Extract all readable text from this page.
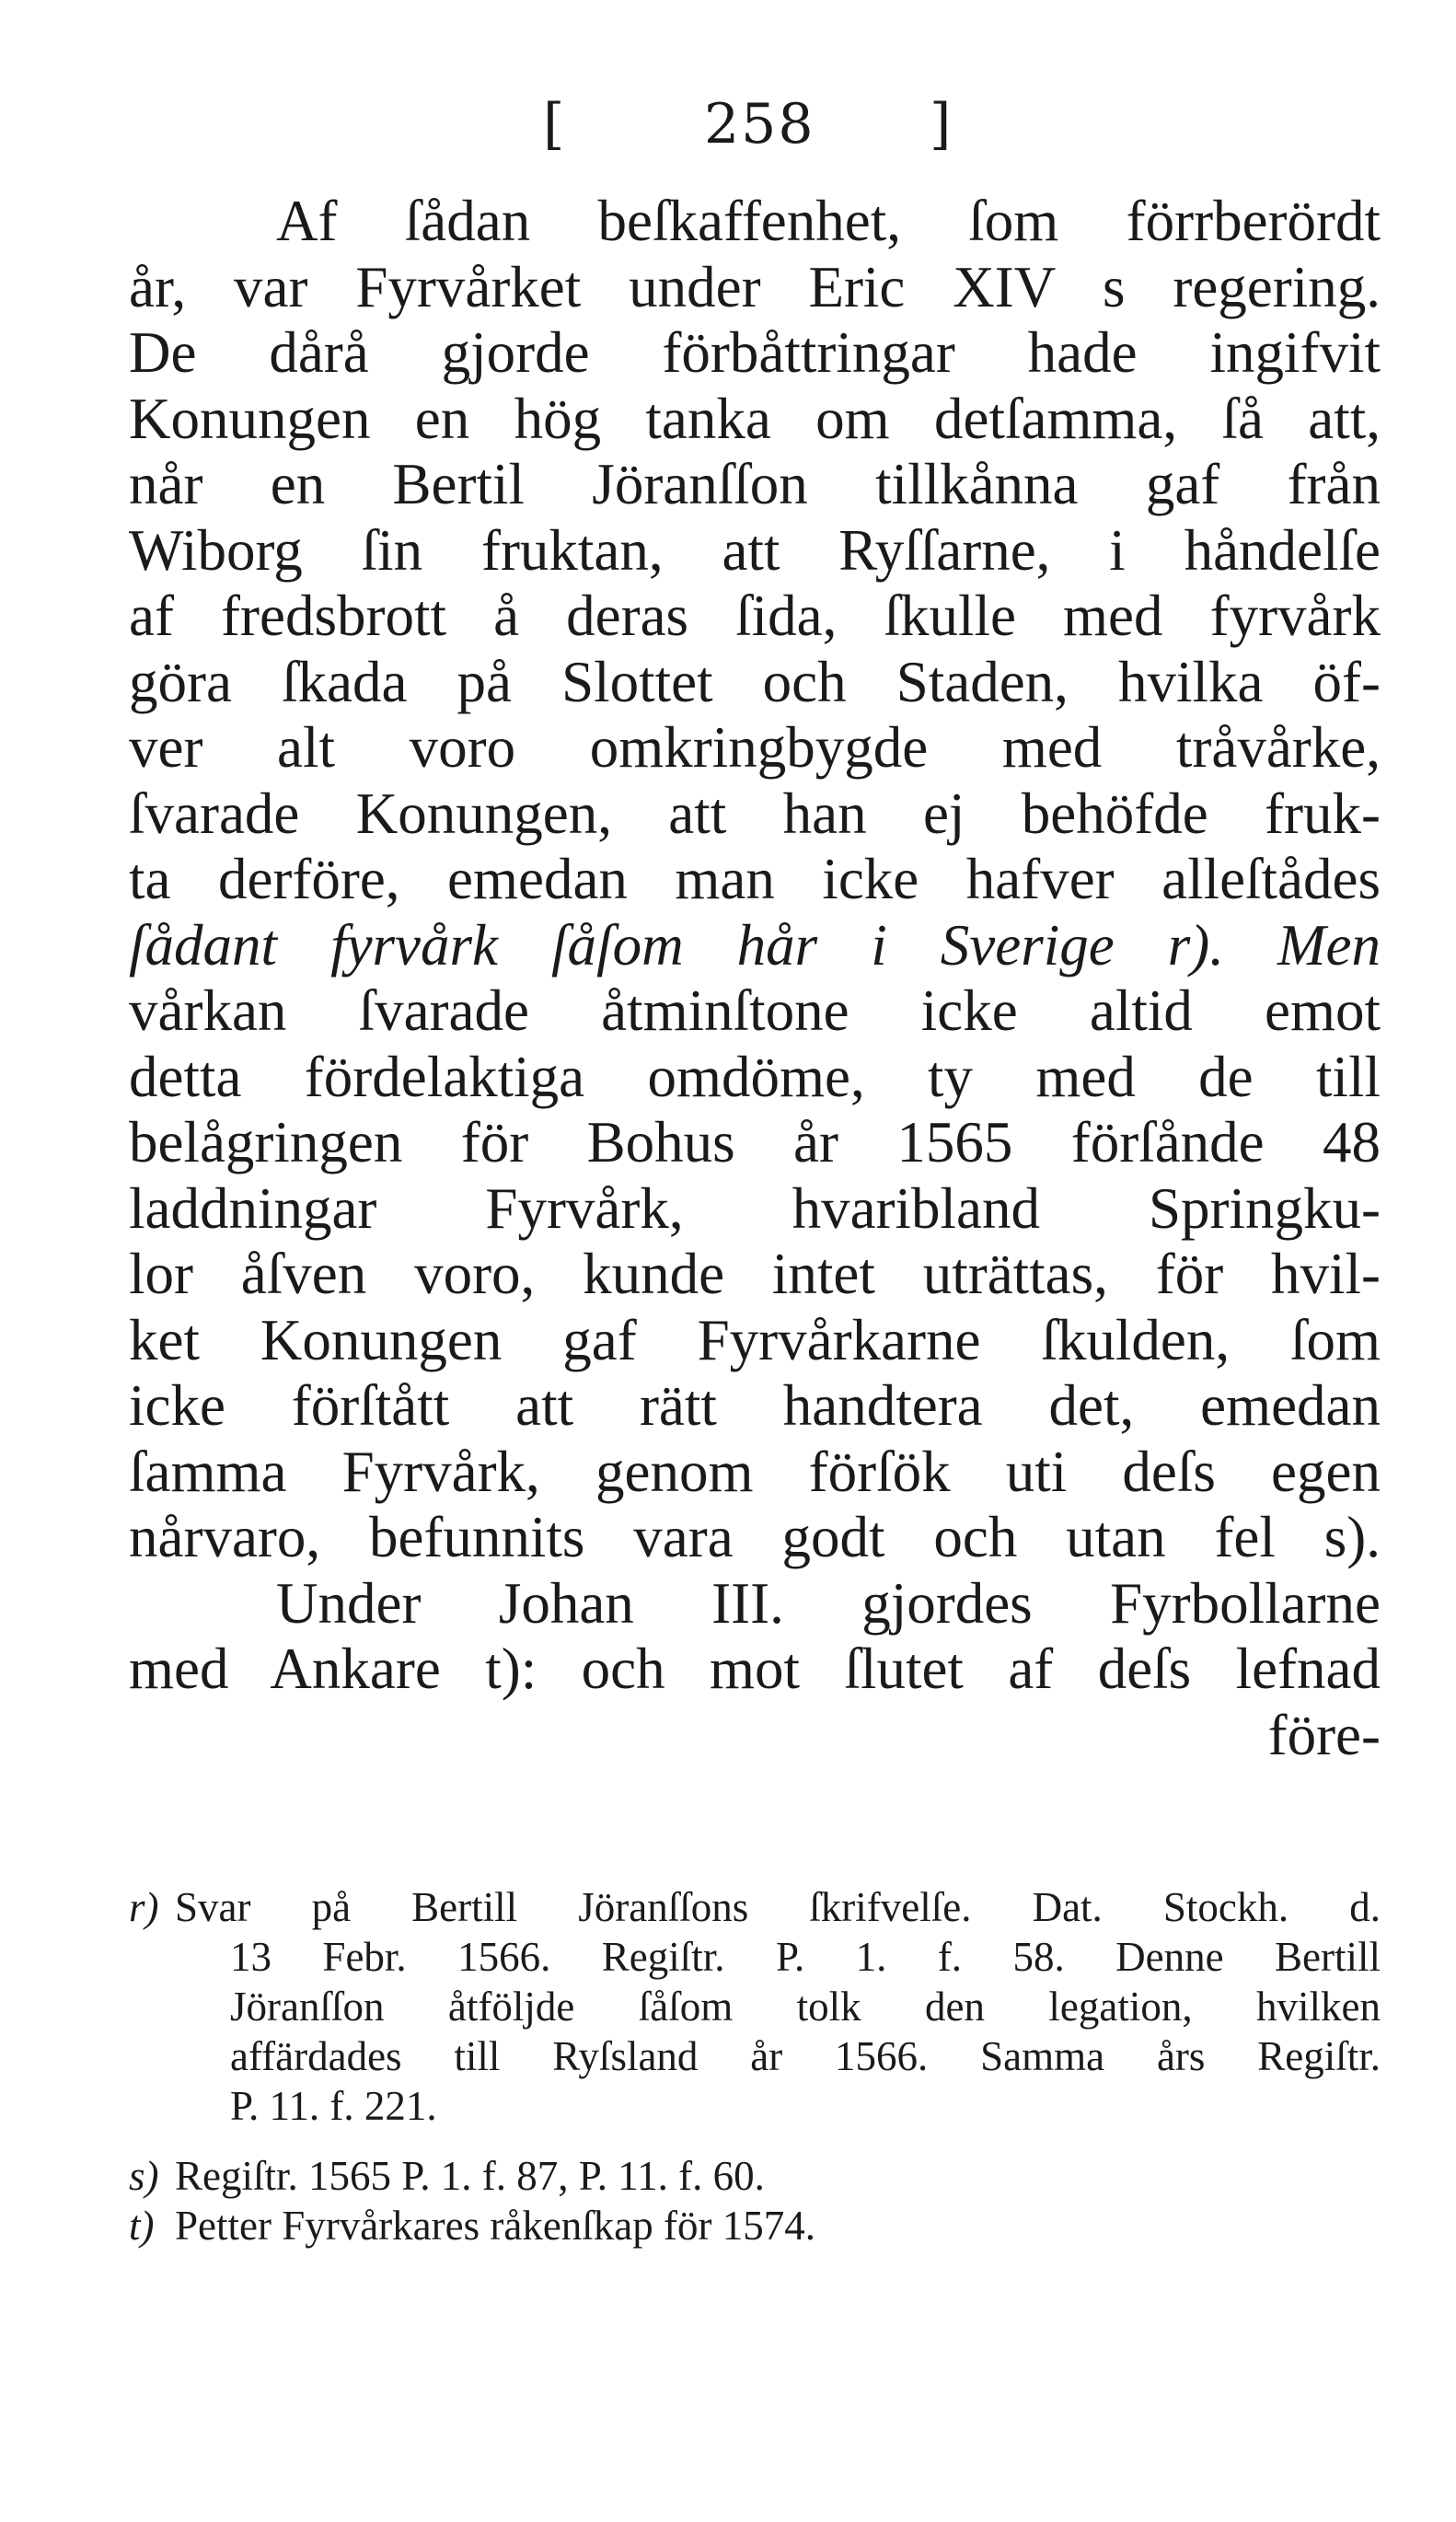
[ 258 ]
Af ſådan beſkaffenhet, ſom förrberördt
år, var Fyrvårket under Eric XIV s regering.
De dårå gjorde förbåttringar hade ingifvit
Konungen en hög tanka om detſamma, ſå att,
når en Bertil Jöranſſon tillkånna gaf från
Wiborg ſin fruktan, att Ryſſarne, i håndelſe
af fredsbrott å deras ſida, ſkulle med fyrvårk
göra ſkada på Slottet och Staden, hvilka öf-
ver alt voro omkringbygde med tråvårke,
ſvarade Konungen, att han ej behöfde fruk-
ta derföre, emedan man icke hafver alleſtådes
ſådant fyrvårk ſåſom hår i Sverige r). Men
vårkan ſvarade åtminſtone icke altid emot
detta fördelaktiga omdöme, ty med de till
belågringen för Bohus år 1565 förſånde 48
laddningar Fyrvårk, hvaribland Springku-
lor åſven voro, kunde intet uträttas, för hvil-
ket Konungen gaf Fyrvårkarne ſkulden, ſom
icke förſtått att rätt handtera det, emedan
ſamma Fyrvårk, genom förſök uti deſs egen
nårvaro, befunnits vara godt och utan fel s).
Under Johan III. gjordes Fyrbollarne
med Ankare t): och mot ſlutet af deſs lefnad
före-
r) Svar på Bertill Jöranſſons ſkrifvelſe. Dat. Stockh. d.
13 Febr. 1566. Regiſtr. P. 1. f. 58. Denne Bertill
Jöranſſon åtföljde ſåſom tolk den legation, hvilken
affärdades till Ryſsland år 1566. Samma års Regiſtr.
P. 11. f. 221.
s) Regiſtr. 1565 P. 1. f. 87, P. 11. f. 60.
t) Petter Fyrvårkares råkenſkap för 1574.
